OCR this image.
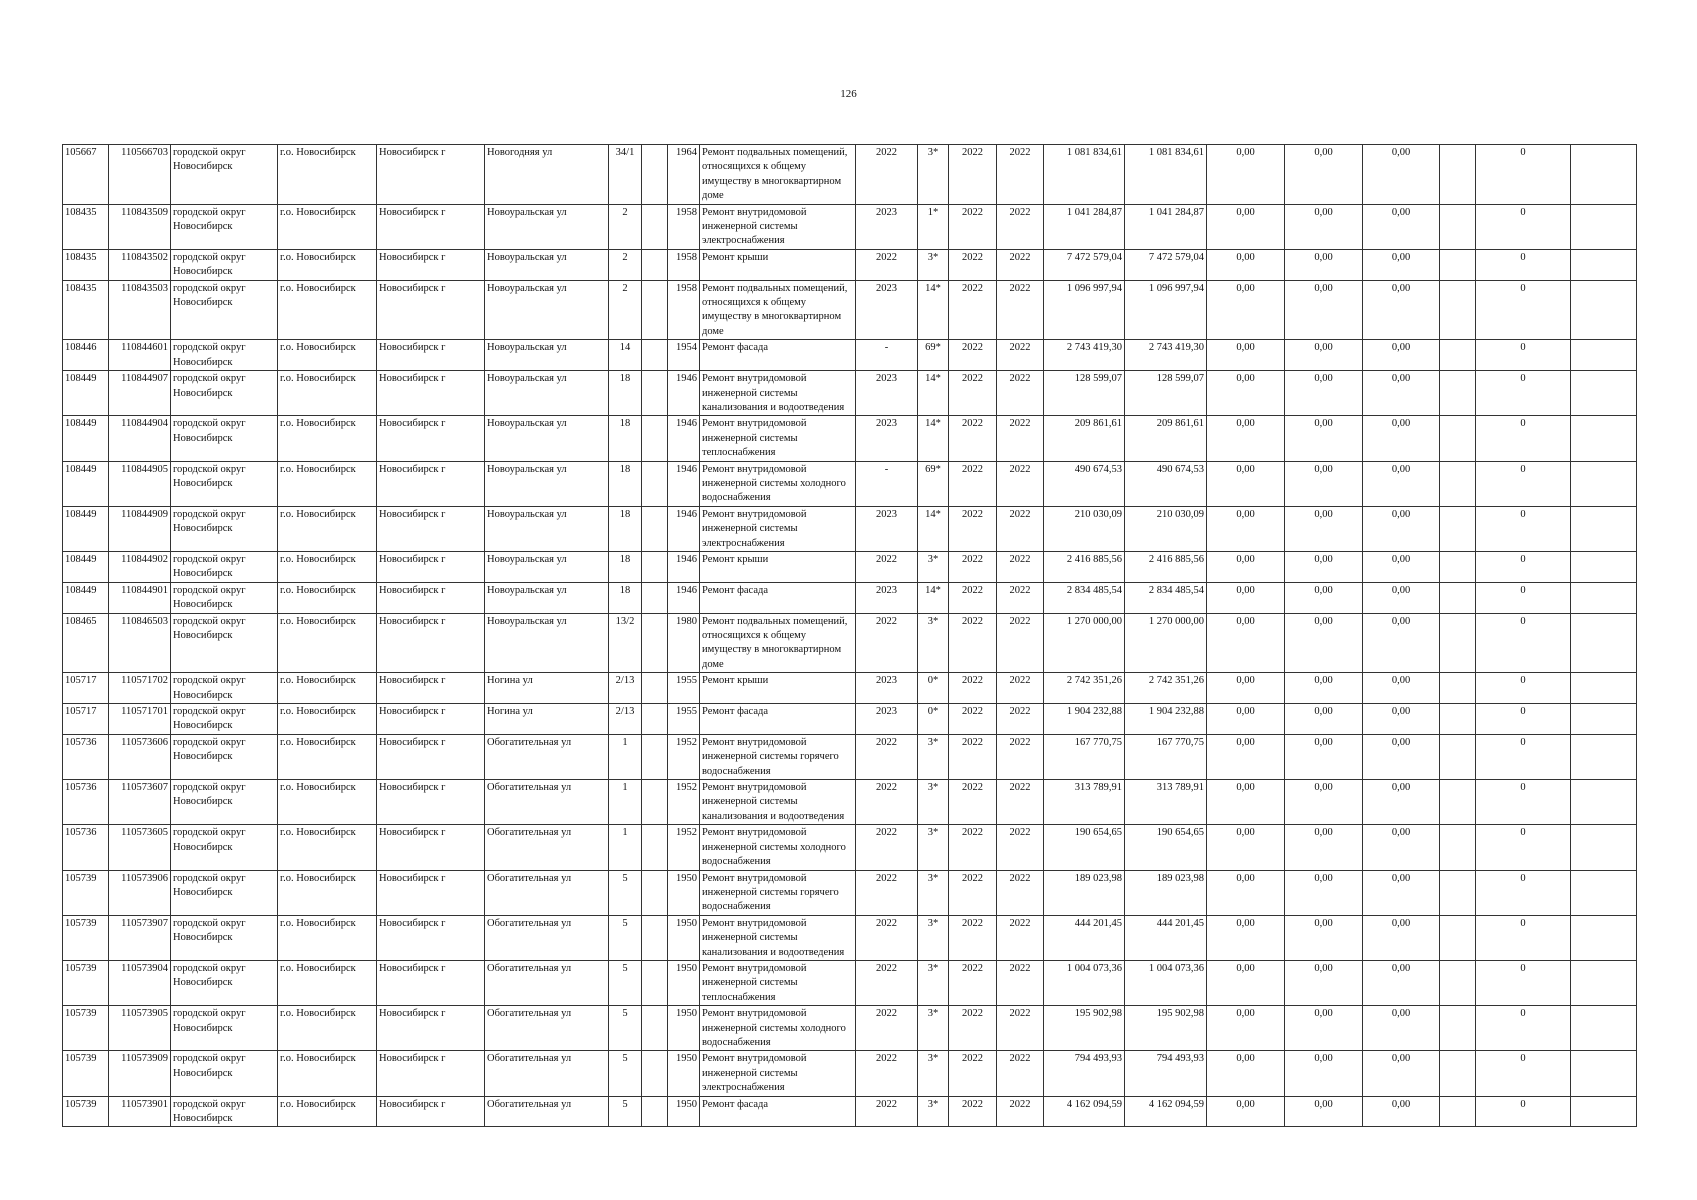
126
105667	110566703	городской округ Новосибирск	г.о. Новосибирск	Новосибирск г	Новогодняя ул	34/1		1964	Ремонт подвальных помещений, относящихся к общему имуществу в многоквартирном доме	2022	3*	2022	2022	1 081 834,61	1 081 834,61	0,00	0,00	0,00		0	
108435	110843509	городской округ Новосибирск	г.о. Новосибирск	Новосибирск г	Новоуральская ул	2		1958	Ремонт внутридомовой инженерной системы электроснабжения	2023	1*	2022	2022	1 041 284,87	1 041 284,87	0,00	0,00	0,00		0	
108435	110843502	городской округ Новосибирск	г.о. Новосибирск	Новосибирск г	Новоуральская ул	2		1958	Ремонт крыши	2022	3*	2022	2022	7 472 579,04	7 472 579,04	0,00	0,00	0,00		0	
108435	110843503	городской округ Новосибирск	г.о. Новосибирск	Новосибирск г	Новоуральская ул	2		1958	Ремонт подвальных помещений, относящихся к общему имуществу в многоквартирном доме	2023	14*	2022	2022	1 096 997,94	1 096 997,94	0,00	0,00	0,00		0	
108446	110844601	городской округ Новосибирск	г.о. Новосибирск	Новосибирск г	Новоуральская ул	14		1954	Ремонт фасада	-	69*	2022	2022	2 743 419,30	2 743 419,30	0,00	0,00	0,00		0	
108449	110844907	городской округ Новосибирск	г.о. Новосибирск	Новосибирск г	Новоуральская ул	18		1946	Ремонт внутридомовой инженерной системы канализования и водоотведения	2023	14*	2022	2022	128 599,07	128 599,07	0,00	0,00	0,00		0	
108449	110844904	городской округ Новосибирск	г.о. Новосибирск	Новосибирск г	Новоуральская ул	18		1946	Ремонт внутридомовой инженерной системы теплоснабжения	2023	14*	2022	2022	209 861,61	209 861,61	0,00	0,00	0,00		0	
108449	110844905	городской округ Новосибирск	г.о. Новосибирск	Новосибирск г	Новоуральская ул	18		1946	Ремонт внутридомовой инженерной системы холодного водоснабжения	-	69*	2022	2022	490 674,53	490 674,53	0,00	0,00	0,00		0	
108449	110844909	городской округ Новосибирск	г.о. Новосибирск	Новосибирск г	Новоуральская ул	18		1946	Ремонт внутридомовой инженерной системы электроснабжения	2023	14*	2022	2022	210 030,09	210 030,09	0,00	0,00	0,00		0	
108449	110844902	городской округ Новосибирск	г.о. Новосибирск	Новосибирск г	Новоуральская ул	18		1946	Ремонт крыши	2022	3*	2022	2022	2 416 885,56	2 416 885,56	0,00	0,00	0,00		0	
108449	110844901	городской округ Новосибирск	г.о. Новосибирск	Новосибирск г	Новоуральская ул	18		1946	Ремонт фасада	2023	14*	2022	2022	2 834 485,54	2 834 485,54	0,00	0,00	0,00		0	
108465	110846503	городской округ Новосибирск	г.о. Новосибирск	Новосибирск г	Новоуральская ул	13/2		1980	Ремонт подвальных помещений, относящихся к общему имуществу в многоквартирном доме	2022	3*	2022	2022	1 270 000,00	1 270 000,00	0,00	0,00	0,00		0	
105717	110571702	городской округ Новосибирск	г.о. Новосибирск	Новосибирск г	Ногина ул	2/13		1955	Ремонт крыши	2023	0*	2022	2022	2 742 351,26	2 742 351,26	0,00	0,00	0,00		0	
105717	110571701	городской округ Новосибирск	г.о. Новосибирск	Новосибирск г	Ногина ул	2/13		1955	Ремонт фасада	2023	0*	2022	2022	1 904 232,88	1 904 232,88	0,00	0,00	0,00		0	
105736	110573606	городской округ Новосибирск	г.о. Новосибирск	Новосибирск г	Обогатительная ул	1		1952	Ремонт внутридомовой инженерной системы горячего водоснабжения	2022	3*	2022	2022	167 770,75	167 770,75	0,00	0,00	0,00		0	
105736	110573607	городской округ Новосибирск	г.о. Новосибирск	Новосибирск г	Обогатительная ул	1		1952	Ремонт внутридомовой инженерной системы канализования и водоотведения	2022	3*	2022	2022	313 789,91	313 789,91	0,00	0,00	0,00		0	
105736	110573605	городской округ Новосибирск	г.о. Новосибирск	Новосибирск г	Обогатительная ул	1		1952	Ремонт внутридомовой инженерной системы холодного водоснабжения	2022	3*	2022	2022	190 654,65	190 654,65	0,00	0,00	0,00		0	
105739	110573906	городской округ Новосибирск	г.о. Новосибирск	Новосибирск г	Обогатительная ул	5		1950	Ремонт внутридомовой инженерной системы горячего водоснабжения	2022	3*	2022	2022	189 023,98	189 023,98	0,00	0,00	0,00		0	
105739	110573907	городской округ Новосибирск	г.о. Новосибирск	Новосибирск г	Обогатительная ул	5		1950	Ремонт внутридомовой инженерной системы канализования и водоотведения	2022	3*	2022	2022	444 201,45	444 201,45	0,00	0,00	0,00		0	
105739	110573904	городской округ Новосибирск	г.о. Новосибирск	Новосибирск г	Обогатительная ул	5		1950	Ремонт внутридомовой инженерной системы теплоснабжения	2022	3*	2022	2022	1 004 073,36	1 004 073,36	0,00	0,00	0,00		0	
105739	110573905	городской округ Новосибирск	г.о. Новосибирск	Новосибирск г	Обогатительная ул	5		1950	Ремонт внутридомовой инженерной системы холодного водоснабжения	2022	3*	2022	2022	195 902,98	195 902,98	0,00	0,00	0,00		0	
105739	110573909	городской округ Новосибирск	г.о. Новосибирск	Новосибирск г	Обогатительная ул	5		1950	Ремонт внутридомовой инженерной системы электроснабжения	2022	3*	2022	2022	794 493,93	794 493,93	0,00	0,00	0,00		0	
105739	110573901	городской округ Новосибирск	г.о. Новосибирск	Новосибирск г	Обогатительная ул	5		1950	Ремонт фасада	2022	3*	2022	2022	4 162 094,59	4 162 094,59	0,00	0,00	0,00		0	
